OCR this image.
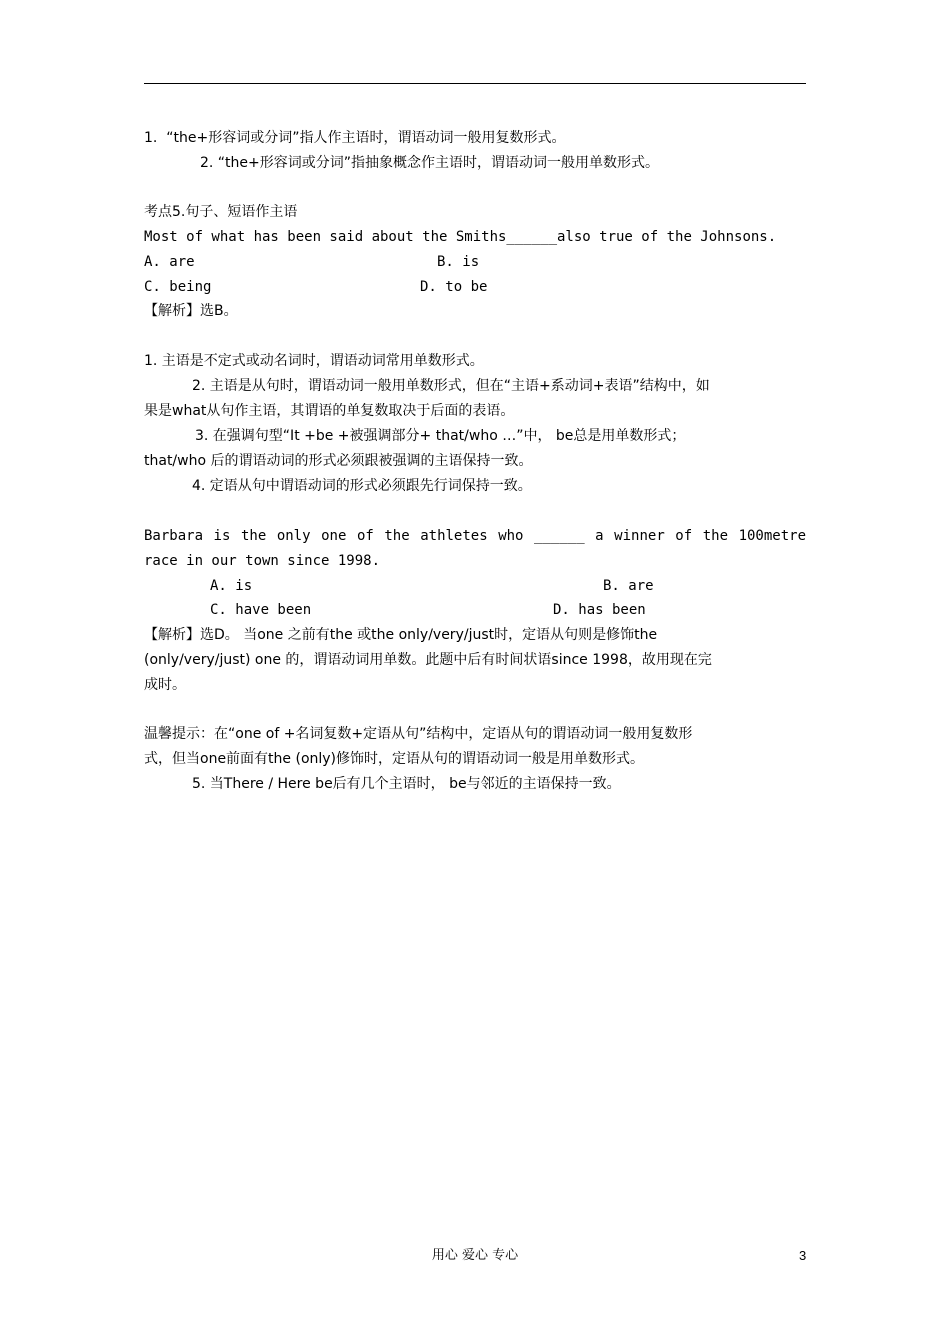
1.  “the+形容词或分词”指人作主语时，谓语动词一般用复数形式。
2. “the+形容词或分词”指抽象概念作主语时，谓语动词一般用单数形式。
考点5.句子、短语作主语
Most of what has been said about the Smiths______also true of the Johnsons.
A. are	B. is
C. being	D. to be
【解析】选B。
1. 主语是不定式或动名词时，谓语动词常用单数形式。
2. 主语是从句时，谓语动词一般用单数形式，但在“主语+系动词+表语”结构中，如
果是what从句作主语，其谓语的单复数取决于后面的表语。
3. 在强调句型“It +be +被强调部分+ that/who …”中， be总是用单数形式；
that/who 后的谓语动词的形式必须跟被强调的主语保持一致。
4. 定语从句中谓语动词的形式必须跟先行词保持一致。
Barbara is the only one of the athletes who ______ a winner of the 100metre
race in our town since 1998.
A. is	B. are
C. have been	D. has been
【解析】选D。 当one 之前有the 或the only/very/just时，定语从句则是修饰the
(only/very/just) one 的，谓语动词用单数。此题中后有时间状语since 1998，故用现在完
成时。
温馨提示：在“one of +名词复数+定语从句”结构中，定语从句的谓语动词一般用复数形
式，但当one前面有the (only)修饰时，定语从句的谓语动词一般是用单数形式。
5. 当There / Here be后有几个主语时， be与邻近的主语保持一致。
用心 爱心 专心	3
